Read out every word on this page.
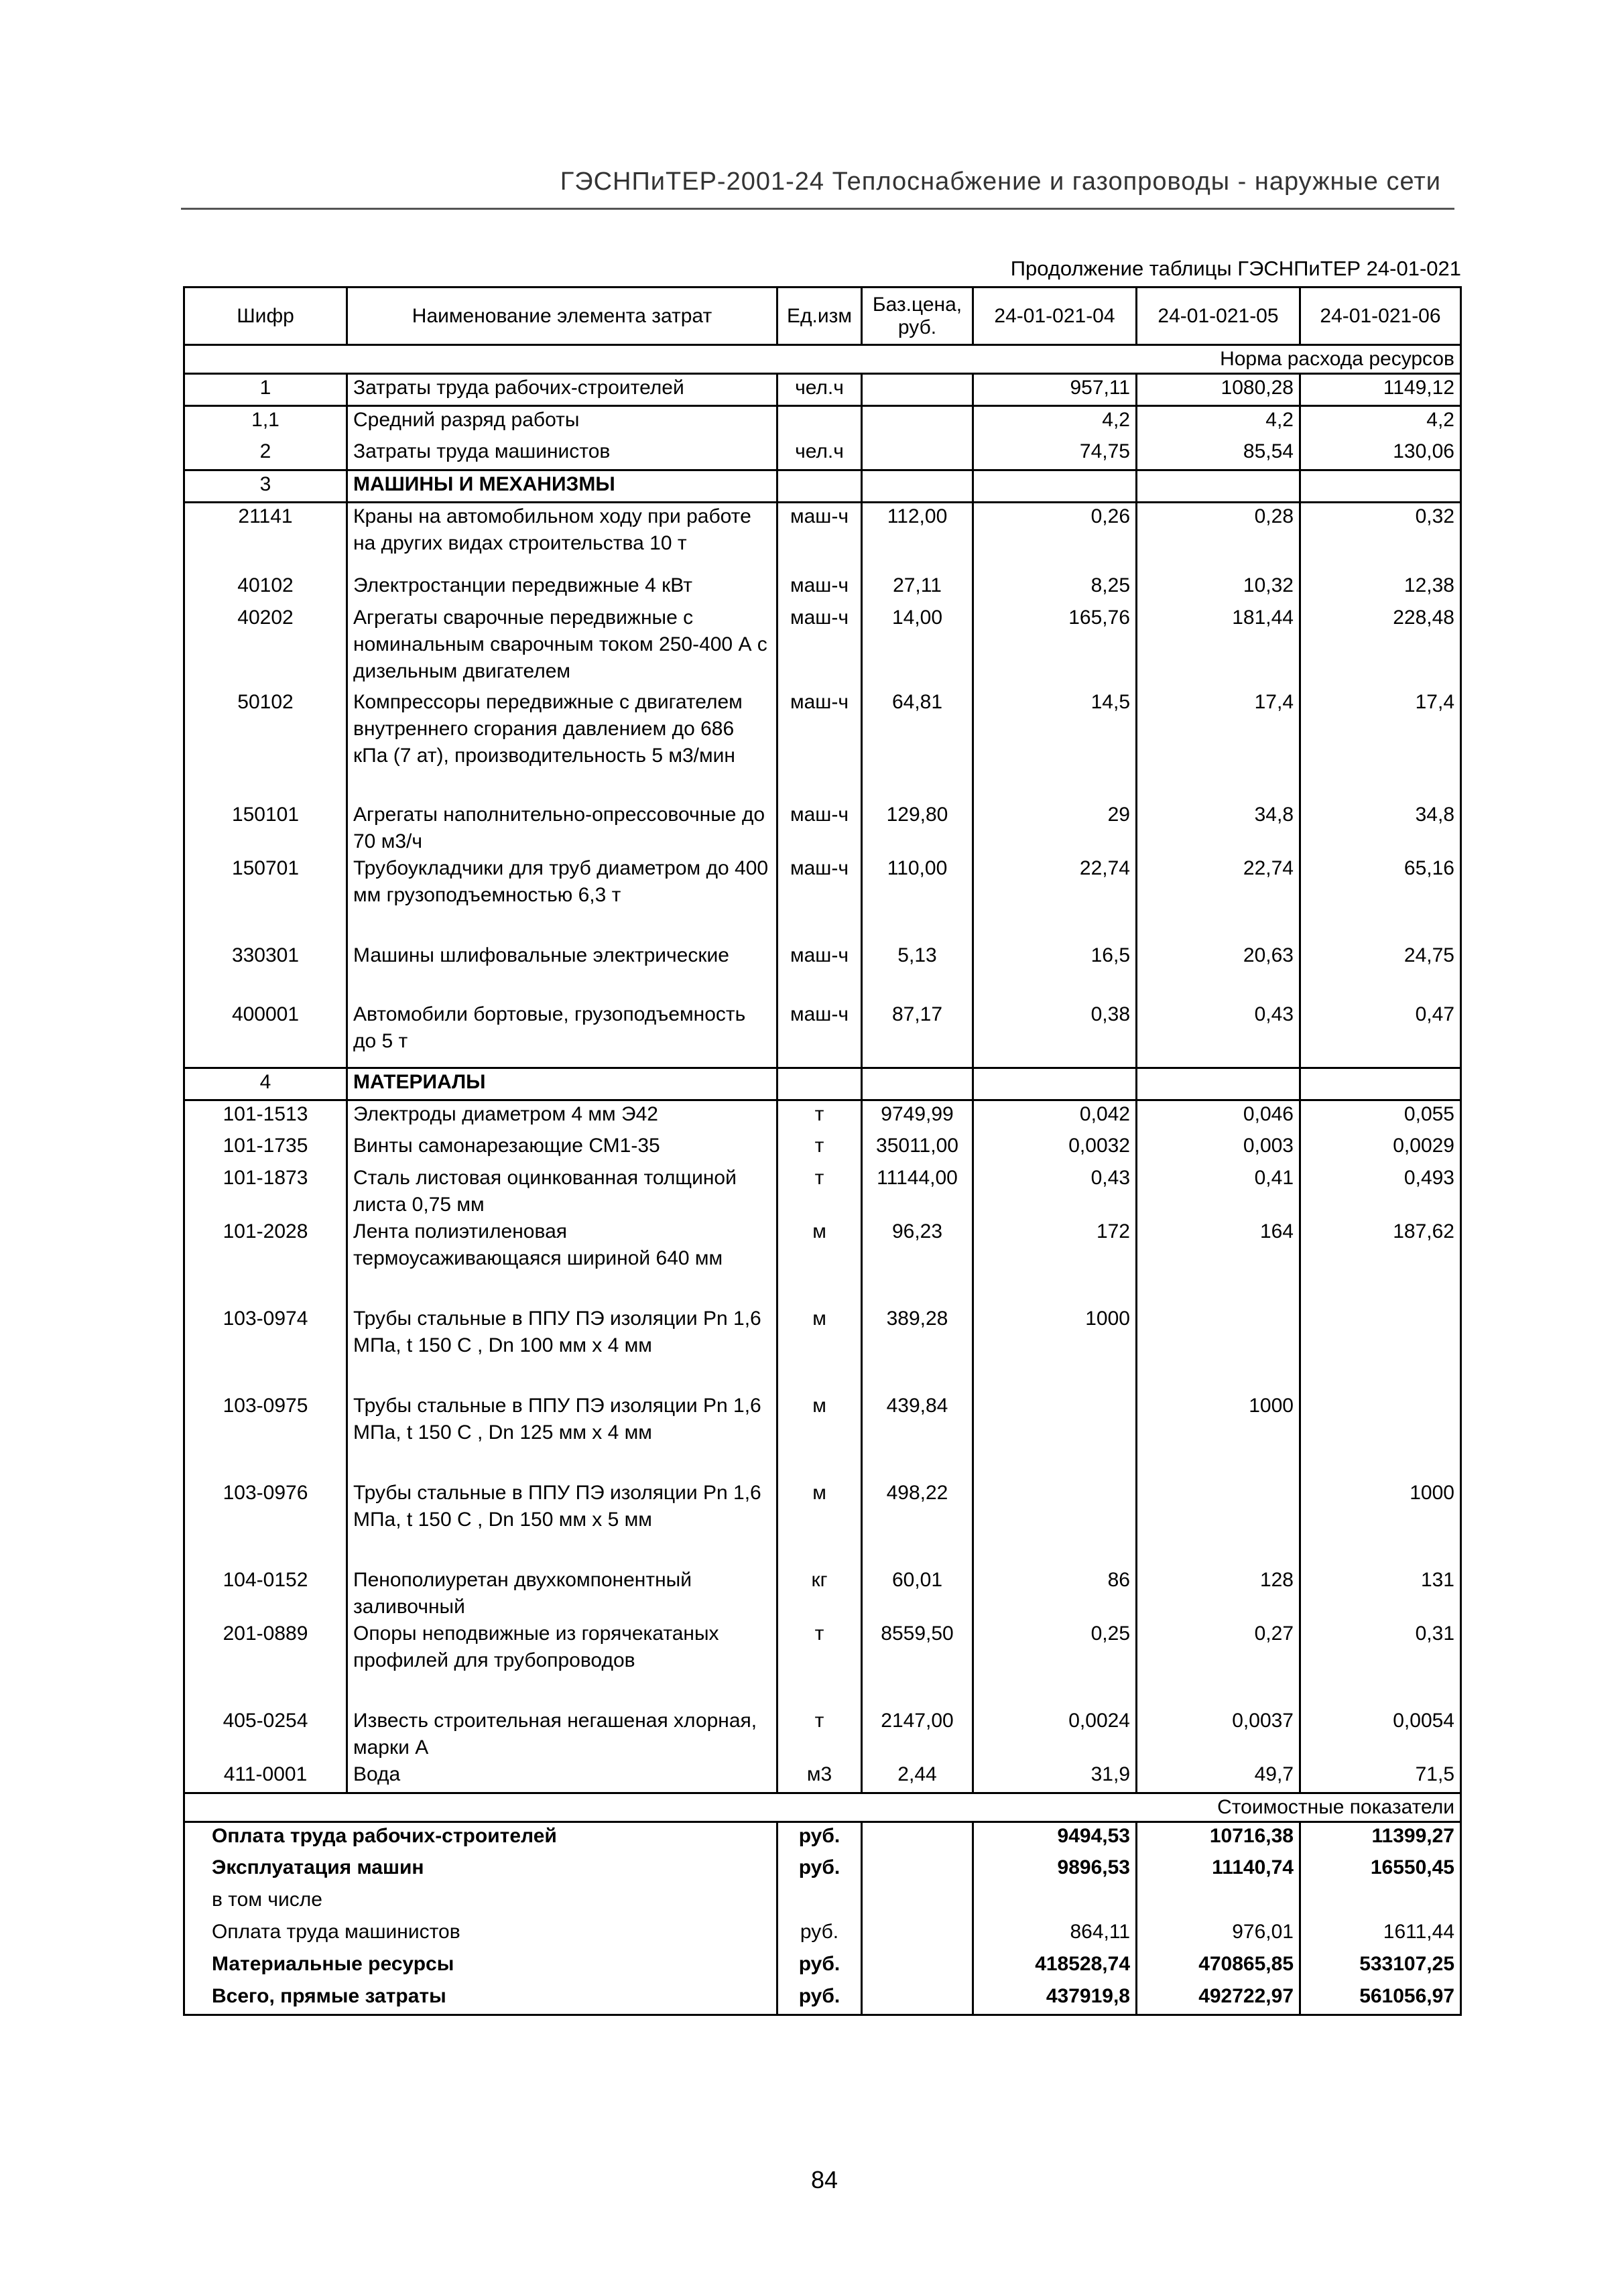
ГЭСНПиТЕР-2001-24 Теплоснабжение и газопроводы - наружные сети
Продолжение таблицы ГЭСНПиТЕР 24-01-021
Шифр	Наименование элемента затрат	Ед.изм	Баз.цена, руб.	24-01-021-04	24-01-021-05	24-01-021-06
Норма расхода ресурсов						
1	Затраты труда рабочих-строителей	чел.ч		957,11	1080,28	1149,12
1,1	Средний разряд работы			4,2	4,2	4,2
2	Затраты труда машинистов	чел.ч		74,75	85,54	130,06
3	МАШИНЫ И МЕХАНИЗМЫ					
21141	Краны на автомобильном ходу при работе на других видах строительства 10 т	маш-ч	112,00	0,26	0,28	0,32
40102	Электростанции передвижные 4 кВт	маш-ч	27,11	8,25	10,32	12,38
40202	Агрегаты сварочные передвижные с номинальным сварочным током 250-400 А с дизельным двигателем	маш-ч	14,00	165,76	181,44	228,48
50102	Компрессоры передвижные с двигателем внутреннего сгорания давлением до 686 кПа (7 ат), производительность 5 м3/мин	маш-ч	64,81	14,5	17,4	17,4
150101	Агрегаты наполнительно-опрессовочные до 70 м3/ч	маш-ч	129,80	29	34,8	34,8
150701	Трубоукладчики для труб диаметром до 400 мм грузоподъемностью 6,3 т	маш-ч	110,00	22,74	22,74	65,16
330301	Машины шлифовальные электрические	маш-ч	5,13	16,5	20,63	24,75
400001	Автомобили бортовые, грузоподъемность до 5 т	маш-ч	87,17	0,38	0,43	0,47
4	МАТЕРИАЛЫ					
101-1513	Электроды диаметром 4 мм Э42	т	9749,99	0,042	0,046	0,055
101-1735	Винты самонарезающие СМ1-35	т	35011,00	0,0032	0,003	0,0029
101-1873	Сталь листовая оцинкованная толщиной листа 0,75 мм	т	11144,00	0,43	0,41	0,493
101-2028	Лента полиэтиленовая термоусаживающаяся шириной 640 мм	м	96,23	172	164	187,62
103-0974	Трубы стальные в ППУ ПЭ изоляции Рn 1,6 МПа, t 150 С , Dn 100 мм х 4 мм	м	389,28	1000		
103-0975	Трубы стальные в ППУ ПЭ изоляции Рn 1,6 МПа, t 150 С , Dn 125 мм х 4 мм	м	439,84		1000	
103-0976	Трубы стальные в ППУ ПЭ изоляции Рn 1,6 МПа, t 150 С , Dn 150 мм х 5 мм	м	498,22			1000
104-0152	Пенополиуретан двухкомпонентный заливочный	кг	60,01	86	128	131
201-0889	Опоры неподвижные из горячекатаных профилей для трубопроводов	т	8559,50	0,25	0,27	0,31
405-0254	Известь строительная негашеная хлорная, марки А	т	2147,00	0,0024	0,0037	0,0054
411-0001	Вода	м3	2,44	31,9	49,7	71,5
Стоимостные показатели						
Оплата труда рабочих-строителей		руб.		9494,53	10716,38	11399,27
Эксплуатация машин		руб.		9896,53	11140,74	16550,45
в том числе						
Оплата труда машинистов		руб.		864,11	976,01	1611,44
Материальные ресурсы		руб.		418528,74	470865,85	533107,25
Всего, прямые затраты		руб.		437919,8	492722,97	561056,97
84
